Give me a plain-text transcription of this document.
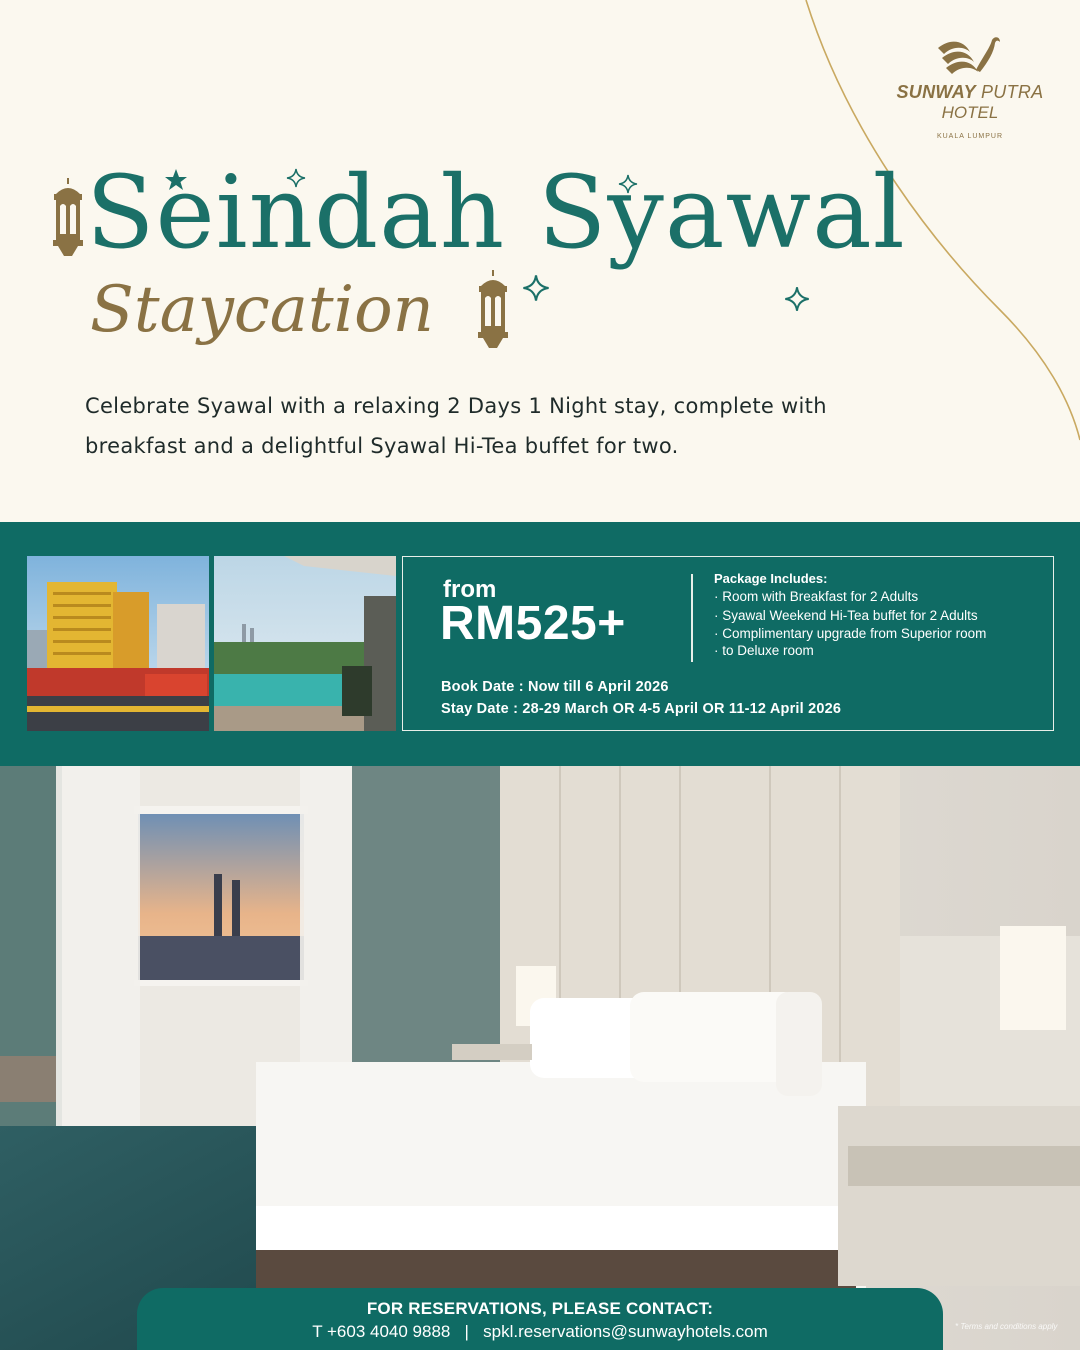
SUNWAY PUTRA
HOTEL
KUALA LUMPUR
Seindah Syawal
Staycation
Celebrate Syawal with a relaxing 2 Days 1 Night stay, complete with breakfast and a delightful Syawal Hi-Tea buffet for two.
from
RM525+
Package Includes:
· Room with Breakfast for 2 Adults
· Syawal Weekend Hi-Tea buffet for 2 Adults
· Complimentary upgrade from Superior room
· to Deluxe room
Book Date : Now till 6 April 2026
Stay Date : 28-29 March OR 4-5 April OR 11-12 April 2026
FOR RESERVATIONS, PLEASE CONTACT:
T +603 4040 9888   |   spkl.reservations@sunwayhotels.com	* Terms and conditions apply
